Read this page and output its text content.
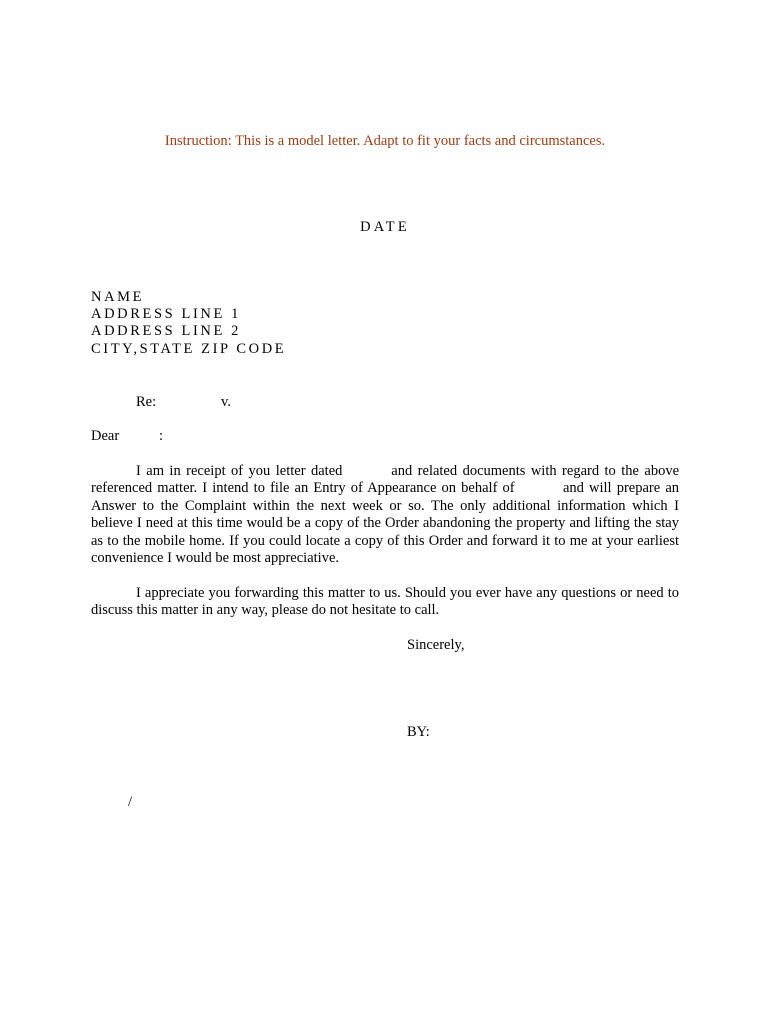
Instruction: This is a model letter. Adapt to fit your facts and circumstances.
DATE
NAME
ADDRESS LINE 1
ADDRESS LINE 2
CITY,STATE ZIP CODE
Re:	v.
Dear	:
I am in receipt of you letter dated	and related documents with regard to the above referenced matter. I intend to file an Entry of Appearance on behalf of	and will prepare an Answer to the Complaint within the next week or so. The only additional information which I believe I need at this time would be a copy of the Order abandoning the property and lifting the stay as to the mobile home. If you could locate a copy of this Order and forward it to me at your earliest convenience I would be most appreciative.
I appreciate you forwarding this matter to us. Should you ever have any questions or need to discuss this matter in any way, please do not hesitate to call.
Sincerely,
BY:
/
